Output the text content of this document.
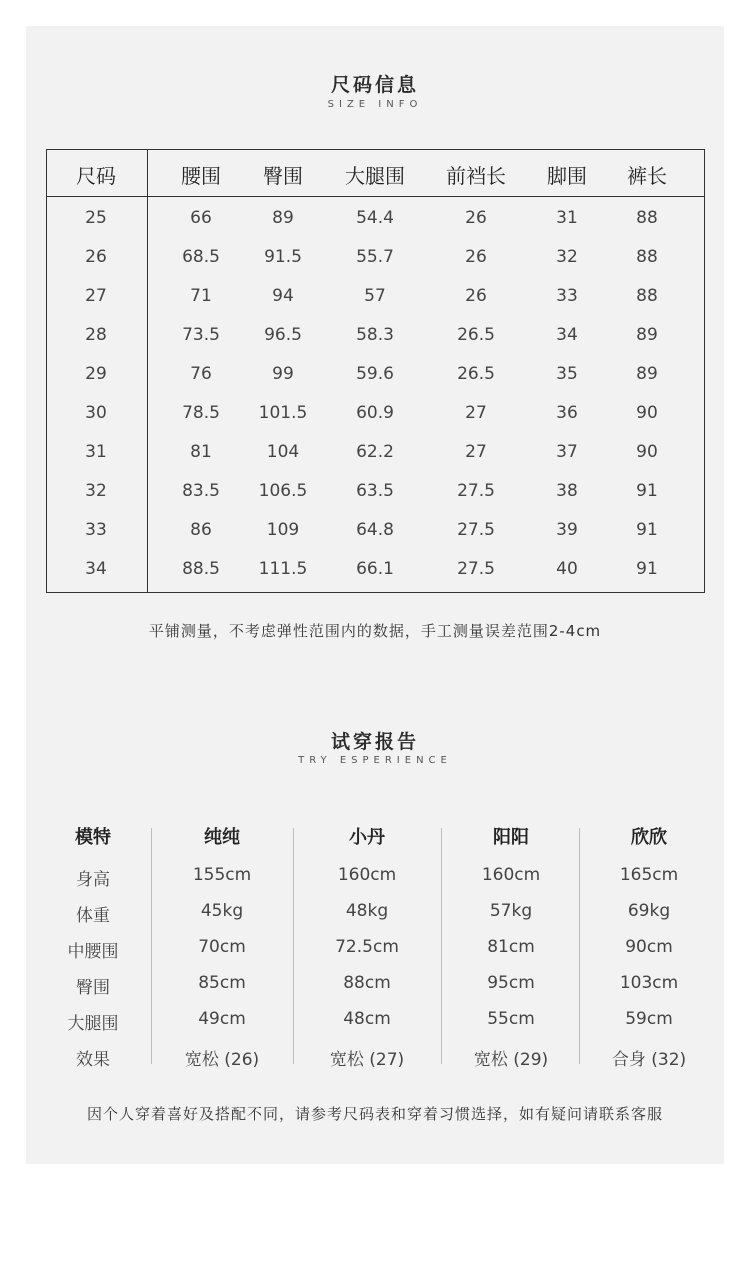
尺码信息
SIZE INFO
尺码	腰围 臀围 大腿围 前裆长 脚围 裤长
25	66	89	54.4	26	31	88
26	68.5	91.5	55.7	26	32	88
27	71	94	57	26	33	88
28	73.5	96.5	58.3	26.5	34	89
29	76	99	59.6	26.5	35	89
30	78.5 101.5	60.9	27	36	90
31	81	104	62.2	27	37	90
32	83.5 106.5	63.5	27.5	38	91
33	86	109	64.8	27.5	39	91
34	88.5 111.5	66.1	27.5	40	91
平铺测量，不考虑弹性范围内的数据，手工测量误差范围2-4cm
试穿报告
TRY ESPERIENCE
模特	纯纯	小丹	阳阳	欣欣
身高	155cm	160cm	160cm	165cm
体重	45kg	48kg	57kg	69kg
中腰围	70cm	72.5cm	81cm	90cm
臀围	85cm	88cm	95cm	103cm
大腿围	49cm	48cm	55cm	59cm
效果	宽松 (26)	宽松 (27)	宽松 (29)	合身 (32)
因个人穿着喜好及搭配不同，请参考尺码表和穿着习惯选择，如有疑问请联系客服
